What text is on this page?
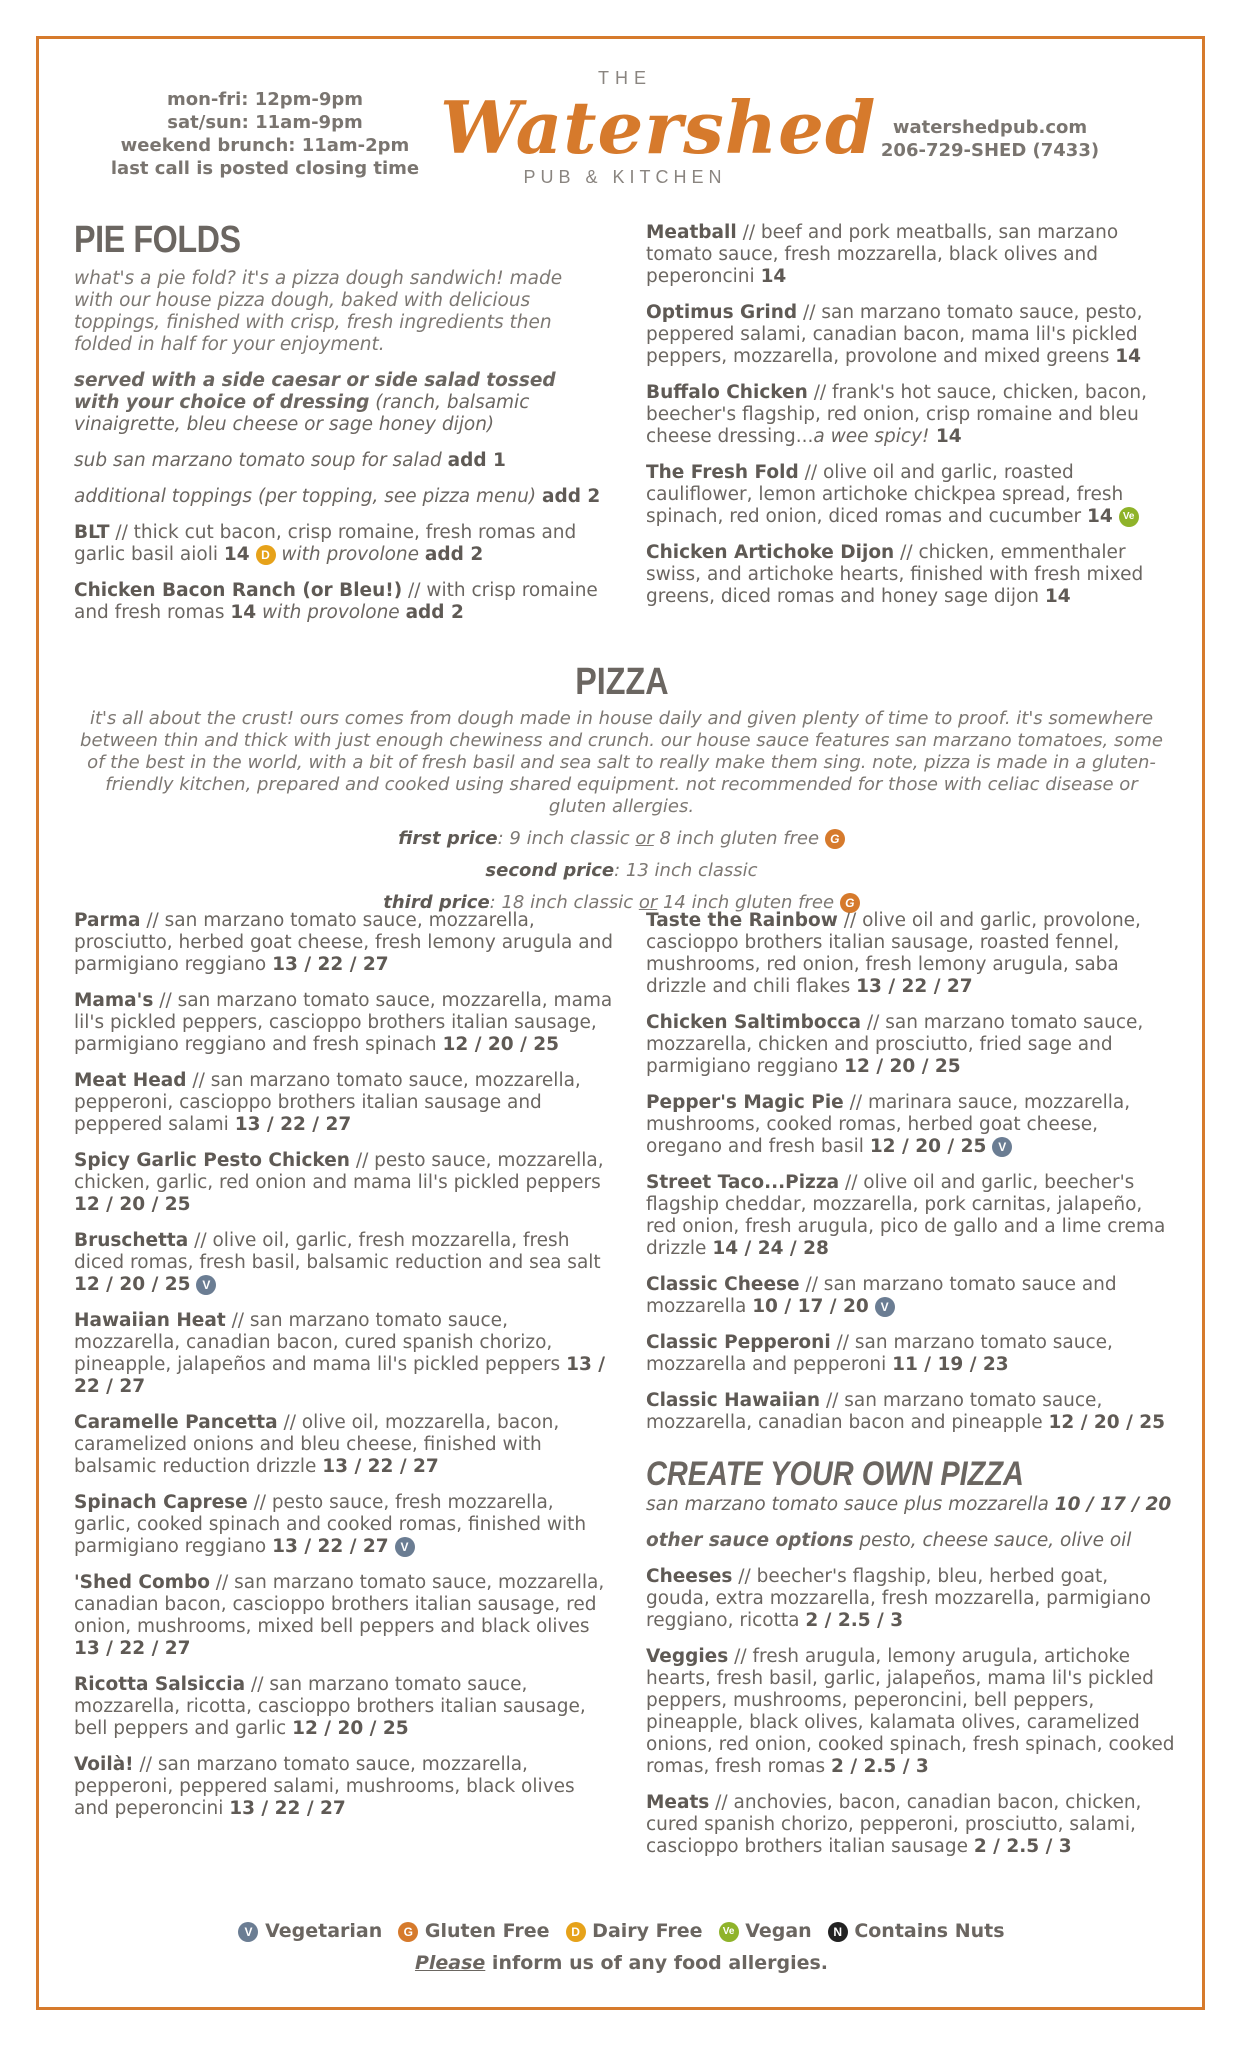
mon-fri: 12pm-9pm
sat/sun: 11am-9pm
weekend brunch: 11am-2pm
last call is posted closing time
THE
Watershed
PUB & KITCHEN
watershedpub.com
206-729-SHED (7433)
PIE FOLDS
what's a pie fold? it's a pizza dough sandwich! made with our house pizza dough, baked with delicious toppings, finished with crisp, fresh ingredients then folded in half for your enjoyment.

served with a side caesar or side salad tossed with your choice of dressing (ranch, balsamic vinaigrette, bleu cheese or sage honey dijon)

sub san marzano tomato soup for salad add 1

additional toppings (per topping, see pizza menu) add 2

BLT // thick cut bacon, crisp romaine, fresh romas and garlic basil aioli 14 D with provolone add 2

Chicken Bacon Ranch (or Bleu!) // with crisp romaine and fresh romas 14 with provolone add 2

Meatball // beef and pork meatballs, san marzano tomato sauce, fresh mozzarella, black olives and peperoncini 14

Optimus Grind // san marzano tomato sauce, pesto, peppered salami, canadian bacon, mama lil's pickled peppers, mozzarella, provolone and mixed greens 14

Buffalo Chicken // frank's hot sauce, chicken, bacon, beecher's flagship, red onion, crisp romaine and bleu cheese dressing...a wee spicy! 14

The Fresh Fold // olive oil and garlic, roasted cauliflower, lemon artichoke chickpea spread, fresh spinach, red onion, diced romas and cucumber 14 Ve

Chicken Artichoke Dijon // chicken, emmenthaler swiss, and artichoke hearts, finished with fresh mixed greens, diced romas and honey sage dijon 14

PIZZA
it's all about the crust! ours comes from dough made in house daily and given plenty of time to proof. it's somewhere between thin and thick with just enough chewiness and crunch. our house sauce features san marzano tomatoes, some of the best in the world, with a bit of fresh basil and sea salt to really make them sing. note, pizza is made in a gluten-friendly kitchen, prepared and cooked using shared equipment. not recommended for those with celiac disease or gluten allergies.
first price: 9 inch classic or 8 inch gluten free G
second price: 13 inch classic
third price: 18 inch classic or 14 inch gluten free G

Parma // san marzano tomato sauce, mozzarella, prosciutto, herbed goat cheese, fresh lemony arugula and parmigiano reggiano 13 / 22 / 27

Mama's // san marzano tomato sauce, mozzarella, mama lil's pickled peppers, cascioppo brothers italian sausage, parmigiano reggiano and fresh spinach 12 / 20 / 25

Meat Head // san marzano tomato sauce, mozzarella, pepperoni, cascioppo brothers italian sausage and peppered salami 13 / 22 / 27

Spicy Garlic Pesto Chicken // pesto sauce, mozzarella, chicken, garlic, red onion and mama lil's pickled peppers 12 / 20 / 25

Bruschetta // olive oil, garlic, fresh mozzarella, fresh diced romas, fresh basil, balsamic reduction and sea salt 12 / 20 / 25 V

Hawaiian Heat // san marzano tomato sauce, mozzarella, canadian bacon, cured spanish chorizo, pineapple, jalapeños and mama lil's pickled peppers 13 / 22 / 27

Caramelle Pancetta // olive oil, mozzarella, bacon, caramelized onions and bleu cheese, finished with balsamic reduction drizzle 13 / 22 / 27

Spinach Caprese // pesto sauce, fresh mozzarella, garlic, cooked spinach and cooked romas, finished with parmigiano reggiano 13 / 22 / 27 V

'Shed Combo // san marzano tomato sauce, mozzarella, canadian bacon, cascioppo brothers italian sausage, red onion, mushrooms, mixed bell peppers and black olives 13 / 22 / 27

Ricotta Salsiccia // san marzano tomato sauce, mozzarella, ricotta, cascioppo brothers italian sausage, bell peppers and garlic 12 / 20 / 25

Voilà! // san marzano tomato sauce, mozzarella, pepperoni, peppered salami, mushrooms, black olives and peperoncini 13 / 22 / 27

Taste the Rainbow // olive oil and garlic, provolone, cascioppo brothers italian sausage, roasted fennel, mushrooms, red onion, fresh lemony arugula, saba drizzle and chili flakes 13 / 22 / 27

Chicken Saltimbocca // san marzano tomato sauce, mozzarella, chicken and prosciutto, fried sage and parmigiano reggiano 12 / 20 / 25

Pepper's Magic Pie // marinara sauce, mozzarella, mushrooms, cooked romas, herbed goat cheese, oregano and fresh basil 12 / 20 / 25 V

Street Taco...Pizza // olive oil and garlic, beecher's flagship cheddar, mozzarella, pork carnitas, jalapeño, red onion, fresh arugula, pico de gallo and a lime crema drizzle 14 / 24 / 28

Classic Cheese // san marzano tomato sauce and mozzarella 10 / 17 / 20 V

Classic Pepperoni // san marzano tomato sauce, mozzarella and pepperoni 11 / 19 / 23

Classic Hawaiian // san marzano tomato sauce, mozzarella, canadian bacon and pineapple 12 / 20 / 25

CREATE YOUR OWN PIZZA

san marzano tomato sauce plus mozzarella 10 / 17 / 20

other sauce options pesto, cheese sauce, olive oil

Cheeses // beecher's flagship, bleu, herbed goat, gouda, extra mozzarella, fresh mozzarella, parmigiano reggiano, ricotta 2 / 2.5 / 3

Veggies // fresh arugula, lemony arugula, artichoke hearts, fresh basil, garlic, jalapeños, mama lil's pickled peppers, mushrooms, peperoncini, bell peppers, pineapple, black olives, kalamata olives, caramelized onions, red onion, cooked spinach, fresh spinach, cooked romas, fresh romas 2 / 2.5 / 3

Meats // anchovies, bacon, canadian bacon, chicken, cured spanish chorizo, pepperoni, prosciutto, salami, cascioppo brothers italian sausage 2 / 2.5 / 3

V Vegetarian G Gluten Free D Dairy Free Ve Vegan N Contains Nuts
Please inform us of any food allergies.
